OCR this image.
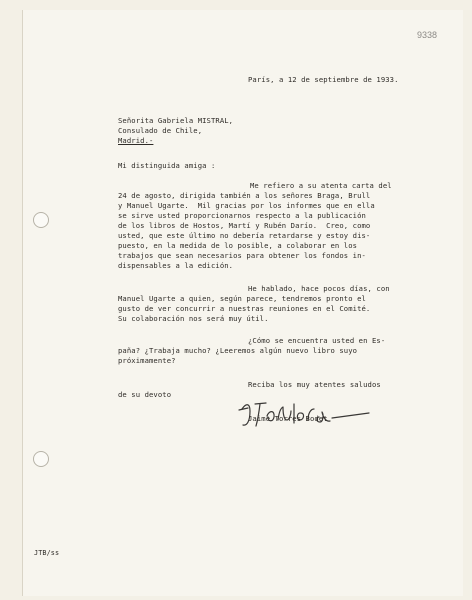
9338
París, a 12 de septiembre de 1933.
Señorita Gabriela MISTRAL,
Consulado de Chile,
Madrid.-
Mi distinguida amiga :
Me refiero a su atenta carta del
24 de agosto, dirigida también a los señores Braga, Brull
y Manuel Ugarte.  Mil gracias por los informes que en ella
se sirve usted proporcionarnos respecto a la publicación
de los libros de Hostos, Martí y Rubén Darío.  Creo, como
usted, que este último no debería retardarse y estoy dis-
puesto, en la medida de lo posible, a colaborar en los
trabajos que sean necesarios para obtener los fondos in-
dispensables a la edición.
He hablado, hace pocos días, con
Manuel Ugarte a quien, según parece, tendremos pronto el
gusto de ver concurrir a nuestras reuniones en el Comité.
Su colaboración nos será muy útil.
¿Cómo se encuentra usted en Es-
paña? ¿Trabaja mucho? ¿Leeremos algún nuevo libro suyo
próximamente?
Reciba los muy atentes saludos
de su devoto
Jaime Torres Bodet
JTB/ss
